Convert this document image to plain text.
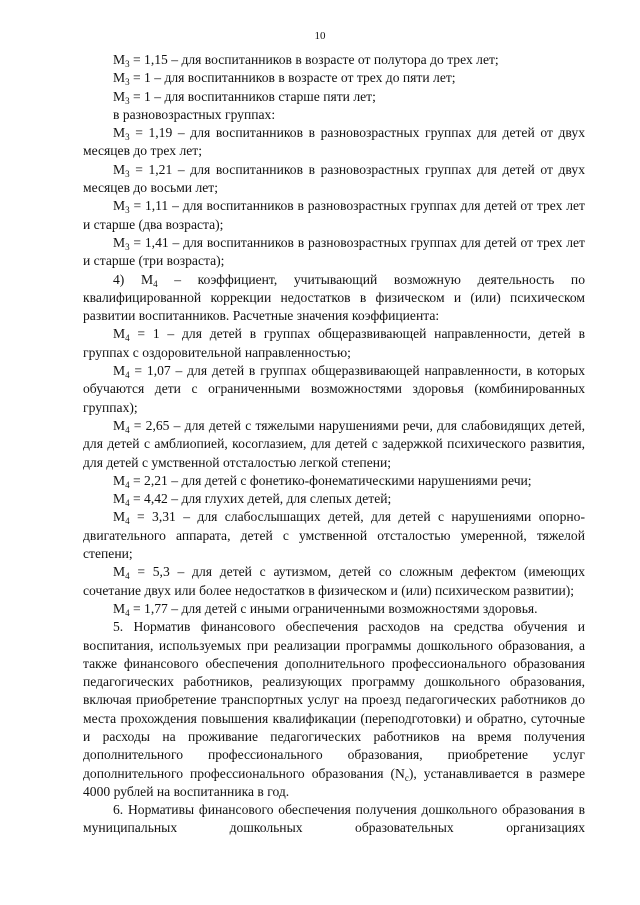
10

$M_3 = 1,15$ – для воспитанников в возрасте от полутора до трех лет;

$M_3 = 1$ – для воспитанников в возрасте от трех до пяти лет;

$M_3 = 1$ – для воспитанников старше пяти лет;

в разновозрастных группах:

$M_3 = 1,19$ – для воспитанников в разновозрастных группах для детей от двух месяцев до трех лет;

$M_3 = 1,21$ – для воспитанников в разновозрастных группах для детей от двух месяцев до восьми лет;

$M_3 = 1,11$ – для воспитанников в разновозрастных группах для детей от трех лет и старше (два возраста);

$M_3 = 1,41$ – для воспитанников в разновозрастных группах для детей от трех лет и старше (три возраста);

4) $M_4$ – коэффициент, учитывающий возможную деятельность по квалифицированной коррекции недостатков в физическом и (или) психическом развитии воспитанников. Расчетные значения коэффициента:

$M_4 = 1$ – для детей в группах общеразвивающей направленности, детей в группах с оздоровительной направленностью;

$M_4 = 1,07$ – для детей в группах общеразвивающей направленности, в которых обучаются дети с ограниченными возможностями здоровья (комбинированных группах);

$M_4 = 2,65$ – для детей с тяжелыми нарушениями речи, для слабовидящих детей, для детей с амблиопией, косоглазием, для детей с задержкой психического развития, для детей с умственной отсталостью легкой степени;

$M_4 = 2,21$ – для детей с фонетико-фонематическими нарушениями речи;

$M_4 = 4,42$ – для глухих детей, для слепых детей;

$M_4 = 3,31$ – для слабослышащих детей, для детей с нарушениями опорно-двигательного аппарата, детей с умственной отсталостью умеренной, тяжелой степени;

$M_4 = 5,3$ – для детей с аутизмом, детей со сложным дефектом (имеющих сочетание двух или более недостатков в физическом и (или) психическом развитии);

$M_4 = 1,77$ – для детей с иными ограниченными возможностями здоровья.

5. Норматив финансового обеспечения расходов на средства обучения и воспитания, используемых при реализации программы дошкольного образования, а также финансового обеспечения дополнительного профессионального образования педагогических работников, реализующих программу дошкольного образования, включая приобретение транспортных услуг на проезд педагогических работников до места прохождения повышения квалификации (переподготовки) и обратно, суточные и расходы на проживание педагогических работников на время получения дополнительного профессионального образования, приобретение услуг дополнительного профессионального образования $(N_c)$, устанавливается в размере 4000 рублей на воспитанника в год.

6. Нормативы финансового обеспечения получения дошкольного образования в муниципальных дошкольных образовательных организациях
